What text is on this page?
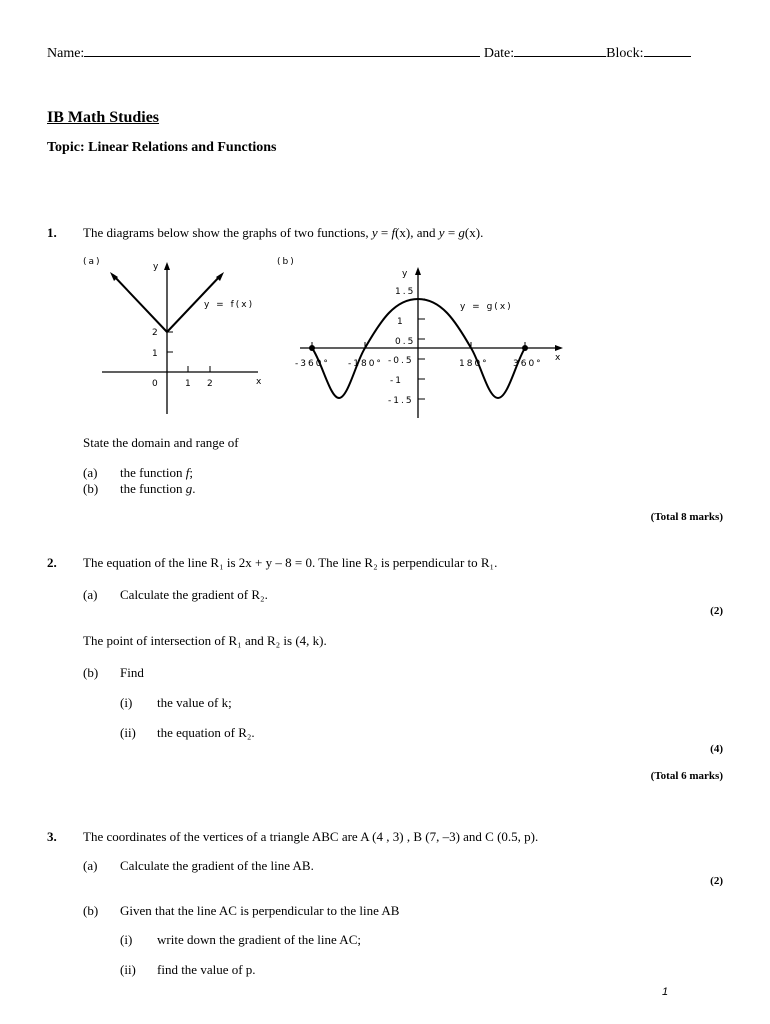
Name:	Date:	Block:
IB Math Studies
Topic: Linear Relations and Functions
1. The diagrams below show the graphs of two functions, y = f(x), and y = g(x).
(a)	y
x
2
1
0	1 2
y = f(x)
(b)
y
x
1.5
1
0.5
-0.5
-1
-1.5
-360° -180°	180°	360°
y = g(x)
State the domain and range of
(a) the function f;
(b) the function g.
(Total 8 marks)
2. The equation of the line R₁ is 2x + y – 8 = 0. The line R₂ is perpendicular to R₁.
(a) Calculate the gradient of R₂.
(2)
The point of intersection of R₁ and R₂ is (4, k).
(b) Find
(i) the value of k;
(ii) the equation of R₂.
(4)
(Total 6 marks)
3. The coordinates of the vertices of a triangle ABC are A (4 , 3) , B (7, –3) and C (0.5, p).
(a) Calculate the gradient of the line AB.
(2)
(b) Given that the line AC is perpendicular to the line AB
(i) write down the gradient of the line AC;
(ii) find the value of p.
1
